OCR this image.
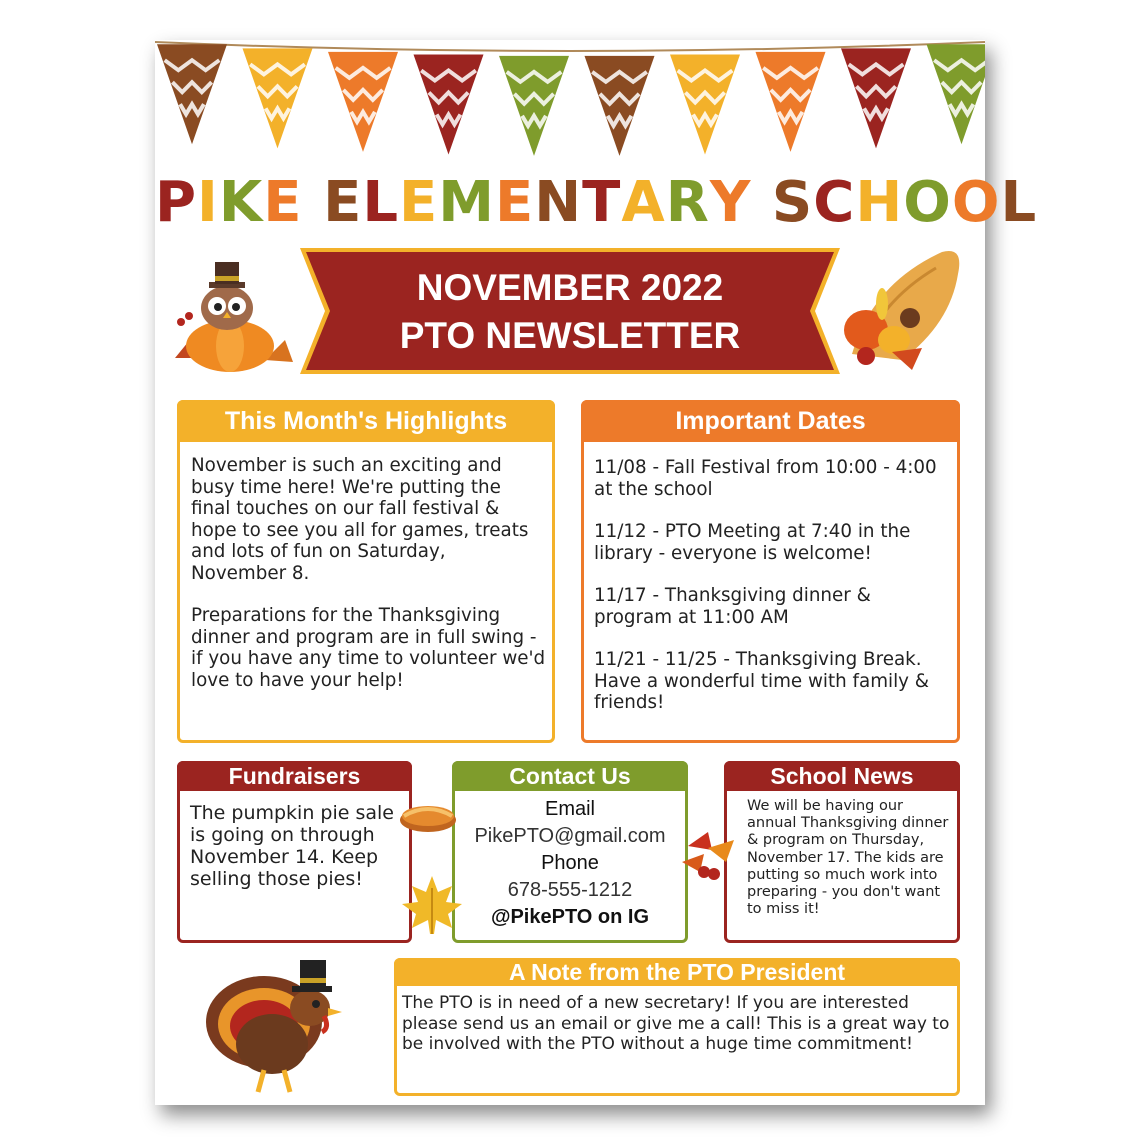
PIKE ELEMENTARY SCHOOL
NOVEMBER 2022
PTO NEWSLETTER
This Month's Highlights
November is such an exciting and busy time here! We're putting the final touches on our fall festival & hope to see you all for games, treats and lots of fun on Saturday, November 8.
Preparations for the Thanksgiving dinner and program are in full swing - if you have any time to volunteer we'd love to have your help!
Important Dates
11/08 - Fall Festival from 10:00 - 4:00 at the school
11/12 - PTO Meeting at 7:40 in the library - everyone is welcome!
11/17 - Thanksgiving dinner & program at 11:00 AM
11/21 - 11/25 - Thanksgiving Break. Have a wonderful time with family & friends!
Fundraisers
The pumpkin pie sale is going on through November 14. Keep selling those pies!
Contact Us
Email
PikePTO@gmail.com
Phone
678-555-1212
@PikePTO on IG
School News
We will be having our annual Thanksgiving dinner & program on Thursday, November 17. The kids are putting so much work into preparing - you don't want to miss it!
A Note from the PTO President
The PTO is in need of a new secretary! If you are interested please send us an email or give me a call! This is a great way to be involved with the PTO without a huge time commitment!
